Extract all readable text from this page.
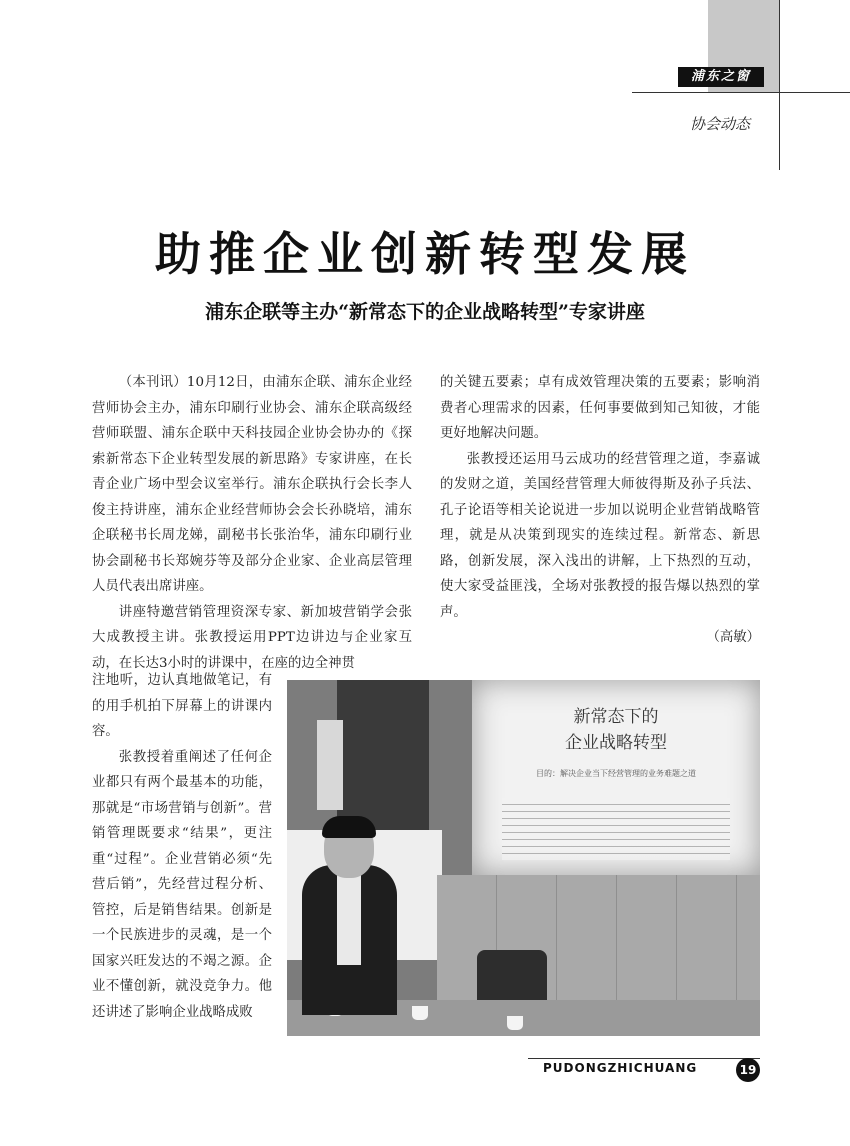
浦东之窗
协会动态
助推企业创新转型发展
浦东企联等主办“新常态下的企业战略转型”专家讲座

（本刊讯）10月12日，由浦东企联、浦东企业经营师协会主办，浦东印刷行业协会、浦东企联高级经营师联盟、浦东企联中天科技园企业协会协办的《探索新常态下企业转型发展的新思路》专家讲座，在长青企业广场中型会议室举行。浦东企联执行会长李人俊主持讲座，浦东企业经营师协会会长孙晓培，浦东企联秘书长周龙娣，副秘书长张治华，浦东印刷行业协会副秘书长郑婉芬等及部分企业家、企业高层管理人员代表出席讲座。

讲座特邀营销管理资深专家、新加坡营销学会张大成教授主讲。张教授运用PPT边讲边与企业家互动，在长达3小时的讲课中，在座的边全神贯

注地听，边认真地做笔记，有的用手机拍下屏幕上的讲课内容。

张教授着重阐述了任何企业都只有两个最基本的功能，那就是“市场营销与创新”。营销管理既要求“结果”，更注重“过程”。企业营销必须“先营后销”，先经营过程分析、管控，后是销售结果。创新是一个民族进步的灵魂，是一个国家兴旺发达的不竭之源。企业不懂创新，就没竞争力。他还讲述了影响企业战略成败

的关键五要素；卓有成效管理决策的五要素；影响消费者心理需求的因素，任何事要做到知己知彼，才能更好地解决问题。

张教授还运用马云成功的经营管理之道，李嘉诚的发财之道，美国经营管理大师彼得斯及孙子兵法、孔子论语等相关论说进一步加以说明企业营销战略管理，就是从决策到现实的连续过程。新常态、新思路，创新发展，深入浅出的讲解，上下热烈的互动，使大家受益匪浅，全场对张教授的报告爆以热烈的掌声。

（高敏）

新常态下的
企业战略转型
目的：解决企业当下经营管理的业务难题之道
PUDONGZHICHUANG	19
